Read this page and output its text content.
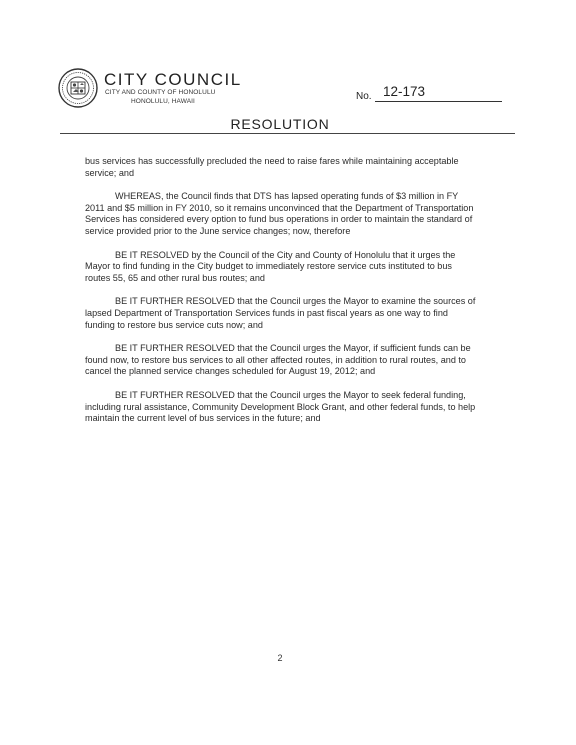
CITY COUNCIL
CITY AND COUNTY OF HONOLULU
HONOLULU, HAWAII	No. 12-173
RESOLUTION

bus services has successfully precluded the need to raise fares while maintaining acceptable service; and

WHEREAS, the Council finds that DTS has lapsed operating funds of $3 million in FY 2011 and $5 million in FY 2010, so it remains unconvinced that the Department of Transportation Services has considered every option to fund bus operations in order to maintain the standard of service provided prior to the June service changes; now, therefore

BE IT RESOLVED by the Council of the City and County of Honolulu that it urges the Mayor to find funding in the City budget to immediately restore service cuts instituted to bus routes 55, 65 and other rural bus routes; and

BE IT FURTHER RESOLVED that the Council urges the Mayor to examine the sources of lapsed Department of Transportation Services funds in past fiscal years as one way to find funding to restore bus service cuts now; and

BE IT FURTHER RESOLVED that the Council urges the Mayor, if sufficient funds can be found now, to restore bus services to all other affected routes, in addition to rural routes, and to cancel the planned service changes scheduled for August 19, 2012; and

BE IT FURTHER RESOLVED that the Council urges the Mayor to seek federal funding, including rural assistance, Community Development Block Grant, and other federal funds, to help maintain the current level of bus services in the future; and

2
